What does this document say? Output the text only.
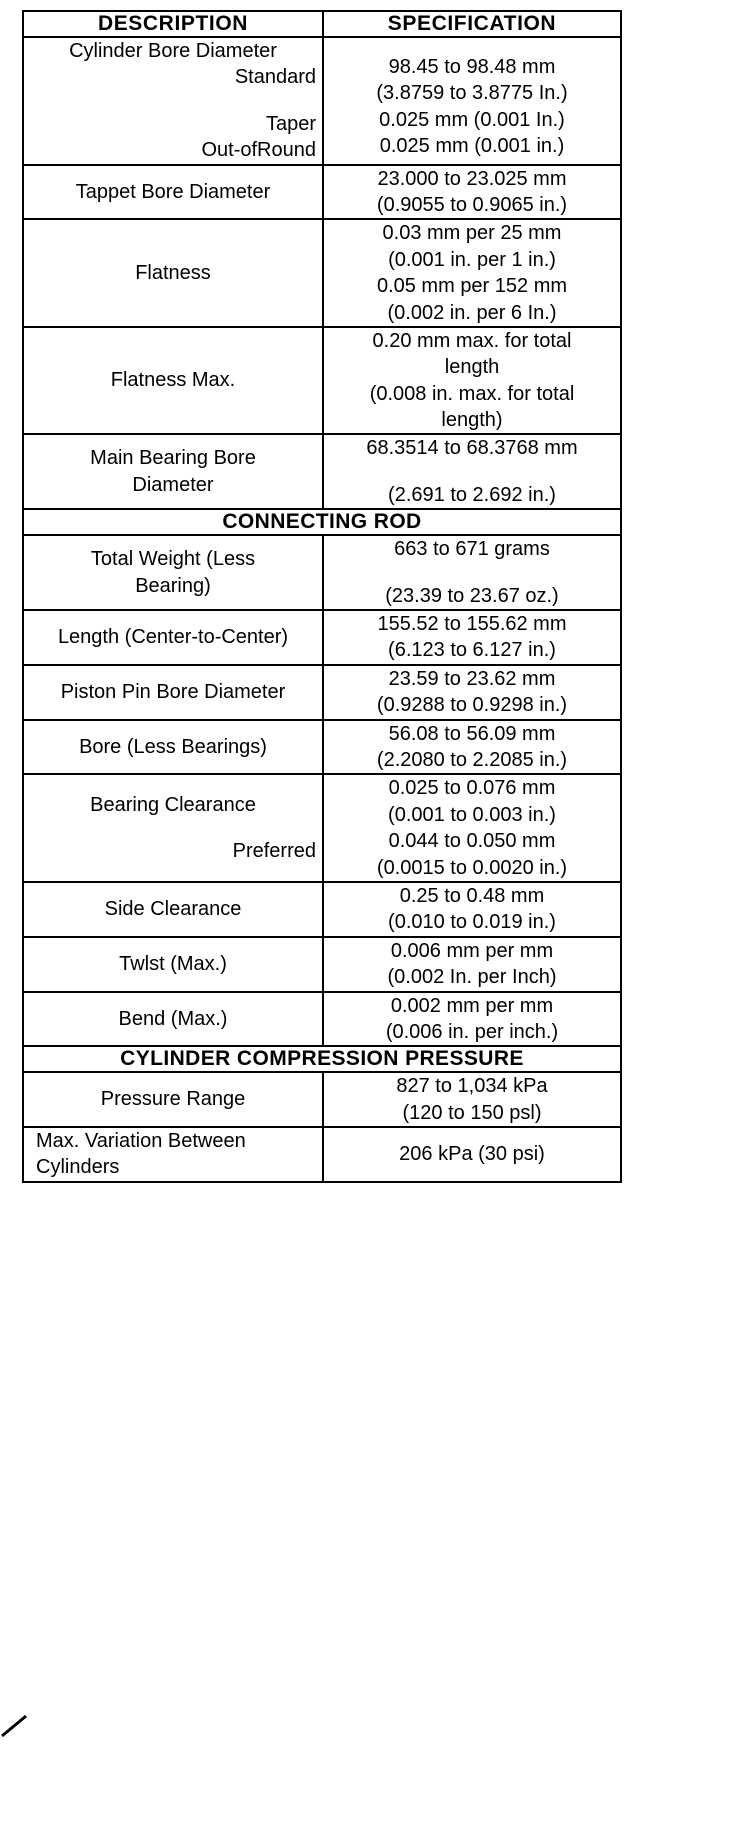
DESCRIPTION	SPECIFICATION

Cylinder Bore Diameter
Standard
Taper
Out-ofRound	98.45 to 98.48 mm
(3.8759 to 3.8775 In.)
0.025 mm (0.001 In.)
0.025 mm (0.001 in.)

Tappet Bore Diameter	23.000 to 23.025 mm
(0.9055 to 0.9065 in.)

Flatness	0.03 mm per 25 mm
(0.001 in. per 1 in.)
0.05 mm per 152 mm
(0.002 in. per 6 In.)

Flatness Max.	0.20 mm max. for total
length
(0.008 in. max. for total
length)

Main Bearing Bore
Diameter	68.3514 to 68.3768 mm
(2.691 to 2.692 in.)

CONNECTING ROD	

Total Weight (Less
Bearing)	663 to 671 grams
(23.39 to 23.67 oz.)

Length (Center-to-Center)	155.52 to 155.62 mm
(6.123 to 6.127 in.)

Piston Pin Bore Diameter	23.59 to 23.62 mm
(0.9288 to 0.9298 in.)

Bore (Less Bearings)	56.08 to 56.09 mm
(2.2080 to 2.2085 in.)

Bearing Clearance
Preferred	0.025 to 0.076 mm
(0.001 to 0.003 in.)
0.044 to 0.050 mm
(0.0015 to 0.0020 in.)

Side Clearance	0.25 to 0.48 mm
(0.010 to 0.019 in.)

Twlst (Max.)	0.006 mm per mm
(0.002 In. per Inch)

Bend (Max.)	0.002 mm per mm
(0.006 in. per inch.)

CYLINDER COMPRESSION PRESSURE	

Pressure Range	827 to 1,034 kPa
(120 to 150 psl)

Max. Variation Between
Cylinders	206 kPa (30 psi)
